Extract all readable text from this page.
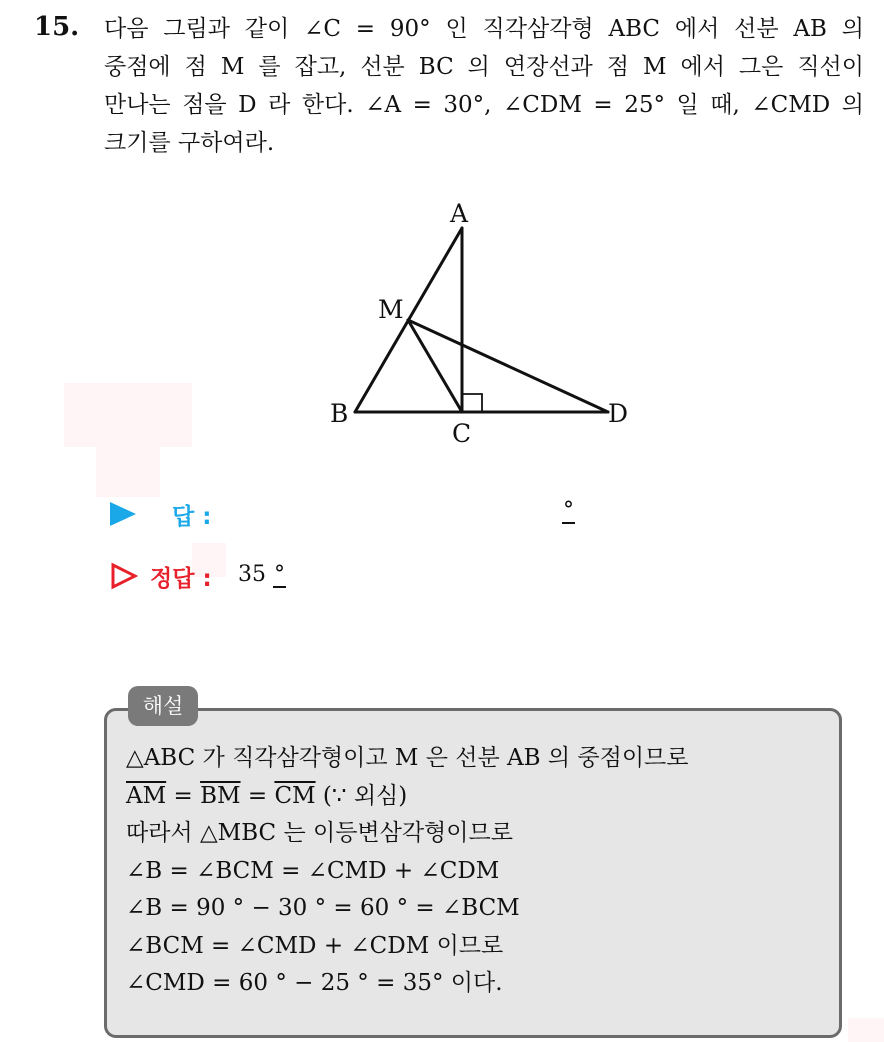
15. 다음 그림과 같이 ∠C = 90° 인 직각삼각형 ABC 에서 선분 AB 의
중점에 점 M 를 잡고, 선분 BC 의 연장선과 점 M 에서 그은 직선이
만나는 점을 D 라 한다. ∠A = 30°, ∠CDM = 25° 일 때, ∠CMD 의
크기를 구하여라.
A
M
B
C
D
답 :	°
정답 : 35 °
해설
△ABC 가 직각삼각형이고 M 은 선분 AB 의 중점이므로
$\overline{AM} = \overline{BM} = \overline{CM}$ (∵ 외심)
따라서 △MBC 는 이등변삼각형이므로
∠B = ∠BCM = ∠CMD + ∠CDM
∠B = 90 ° − 30 ° = 60 ° = ∠BCM
∠BCM = ∠CMD + ∠CDM 이므로
∠CMD = 60 ° − 25 ° = 35° 이다.
